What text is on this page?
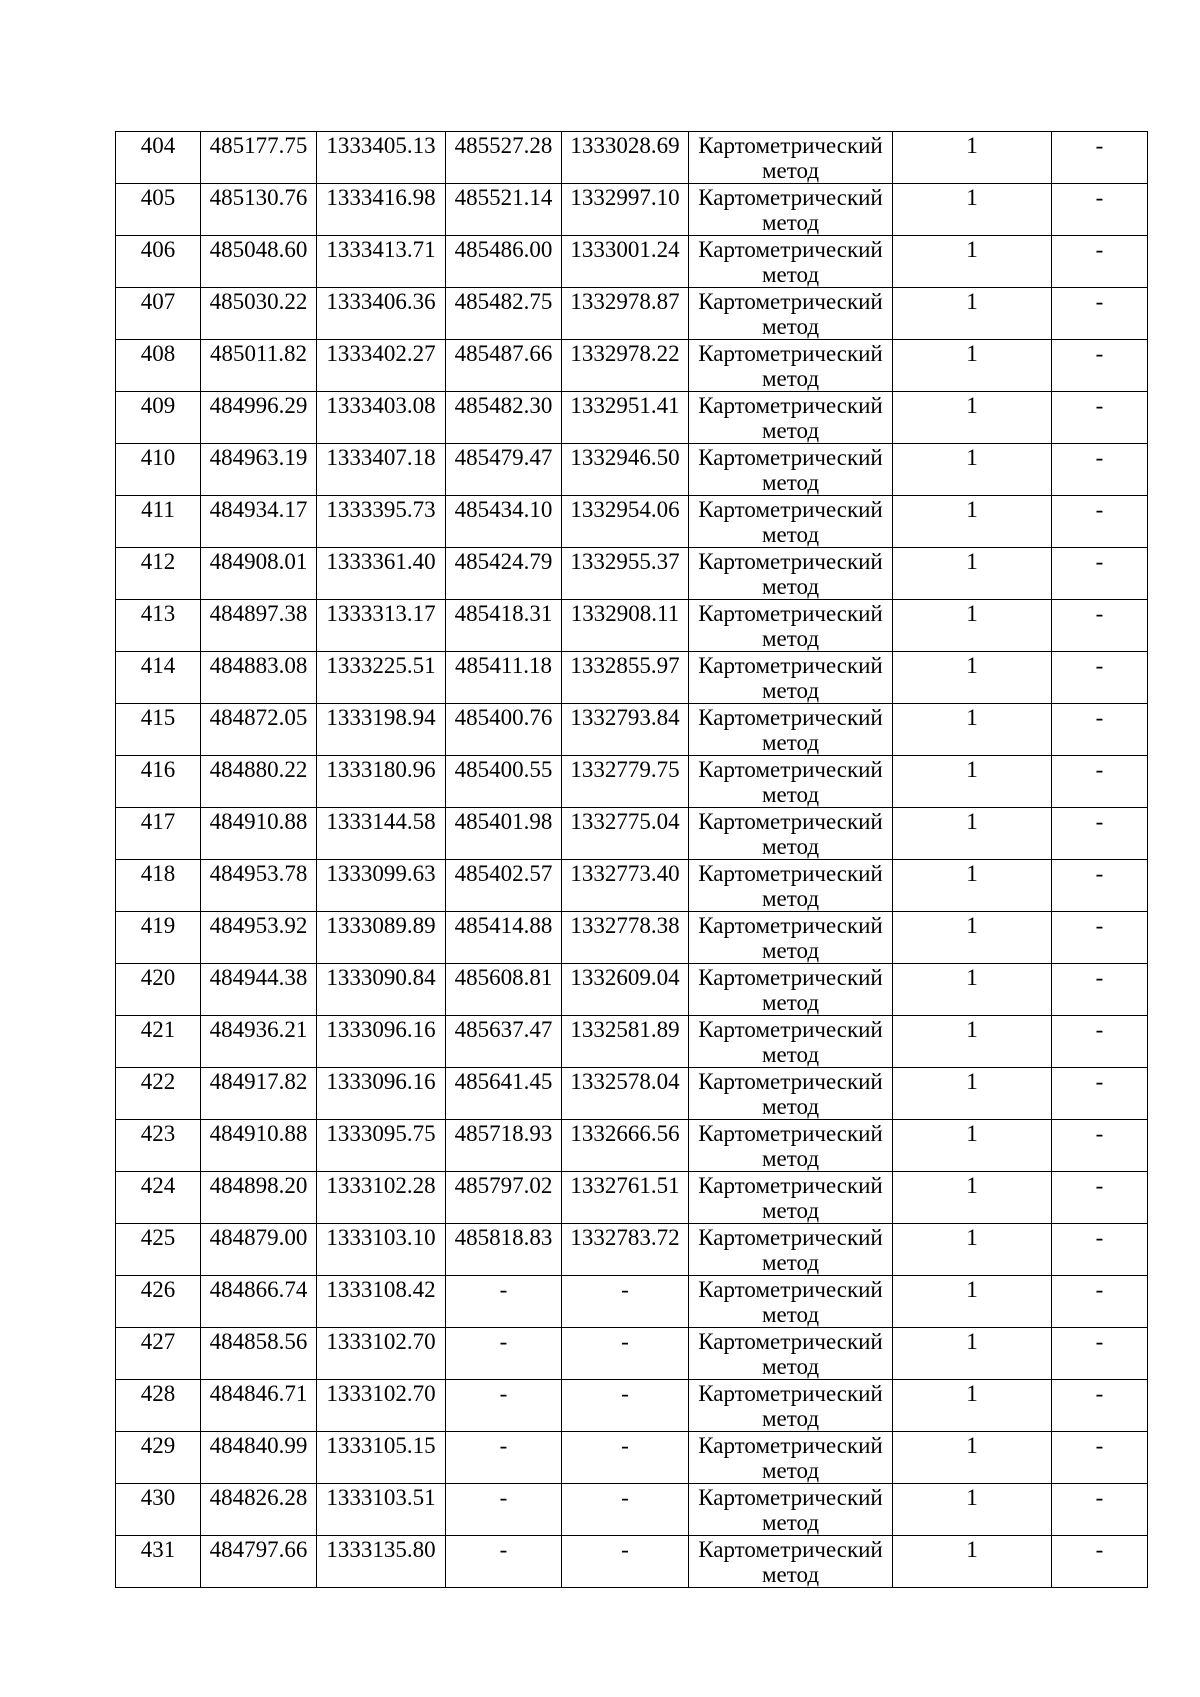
404	485177.75	1333405.13	485527.28	1333028.69	Картометрический метод	1	-
405	485130.76	1333416.98	485521.14	1332997.10	Картометрический метод	1	-
406	485048.60	1333413.71	485486.00	1333001.24	Картометрический метод	1	-
407	485030.22	1333406.36	485482.75	1332978.87	Картометрический метод	1	-
408	485011.82	1333402.27	485487.66	1332978.22	Картометрический метод	1	-
409	484996.29	1333403.08	485482.30	1332951.41	Картометрический метод	1	-
410	484963.19	1333407.18	485479.47	1332946.50	Картометрический метод	1	-
411	484934.17	1333395.73	485434.10	1332954.06	Картометрический метод	1	-
412	484908.01	1333361.40	485424.79	1332955.37	Картометрический метод	1	-
413	484897.38	1333313.17	485418.31	1332908.11	Картометрический метод	1	-
414	484883.08	1333225.51	485411.18	1332855.97	Картометрический метод	1	-
415	484872.05	1333198.94	485400.76	1332793.84	Картометрический метод	1	-
416	484880.22	1333180.96	485400.55	1332779.75	Картометрический метод	1	-
417	484910.88	1333144.58	485401.98	1332775.04	Картометрический метод	1	-
418	484953.78	1333099.63	485402.57	1332773.40	Картометрический метод	1	-
419	484953.92	1333089.89	485414.88	1332778.38	Картометрический метод	1	-
420	484944.38	1333090.84	485608.81	1332609.04	Картометрический метод	1	-
421	484936.21	1333096.16	485637.47	1332581.89	Картометрический метод	1	-
422	484917.82	1333096.16	485641.45	1332578.04	Картометрический метод	1	-
423	484910.88	1333095.75	485718.93	1332666.56	Картометрический метод	1	-
424	484898.20	1333102.28	485797.02	1332761.51	Картометрический метод	1	-
425	484879.00	1333103.10	485818.83	1332783.72	Картометрический метод	1	-
426	484866.74	1333108.42	-	-	Картометрический метод	1	-
427	484858.56	1333102.70	-	-	Картометрический метод	1	-
428	484846.71	1333102.70	-	-	Картометрический метод	1	-
429	484840.99	1333105.15	-	-	Картометрический метод	1	-
430	484826.28	1333103.51	-	-	Картометрический метод	1	-
431	484797.66	1333135.80	-	-	Картометрический метод	1	-
